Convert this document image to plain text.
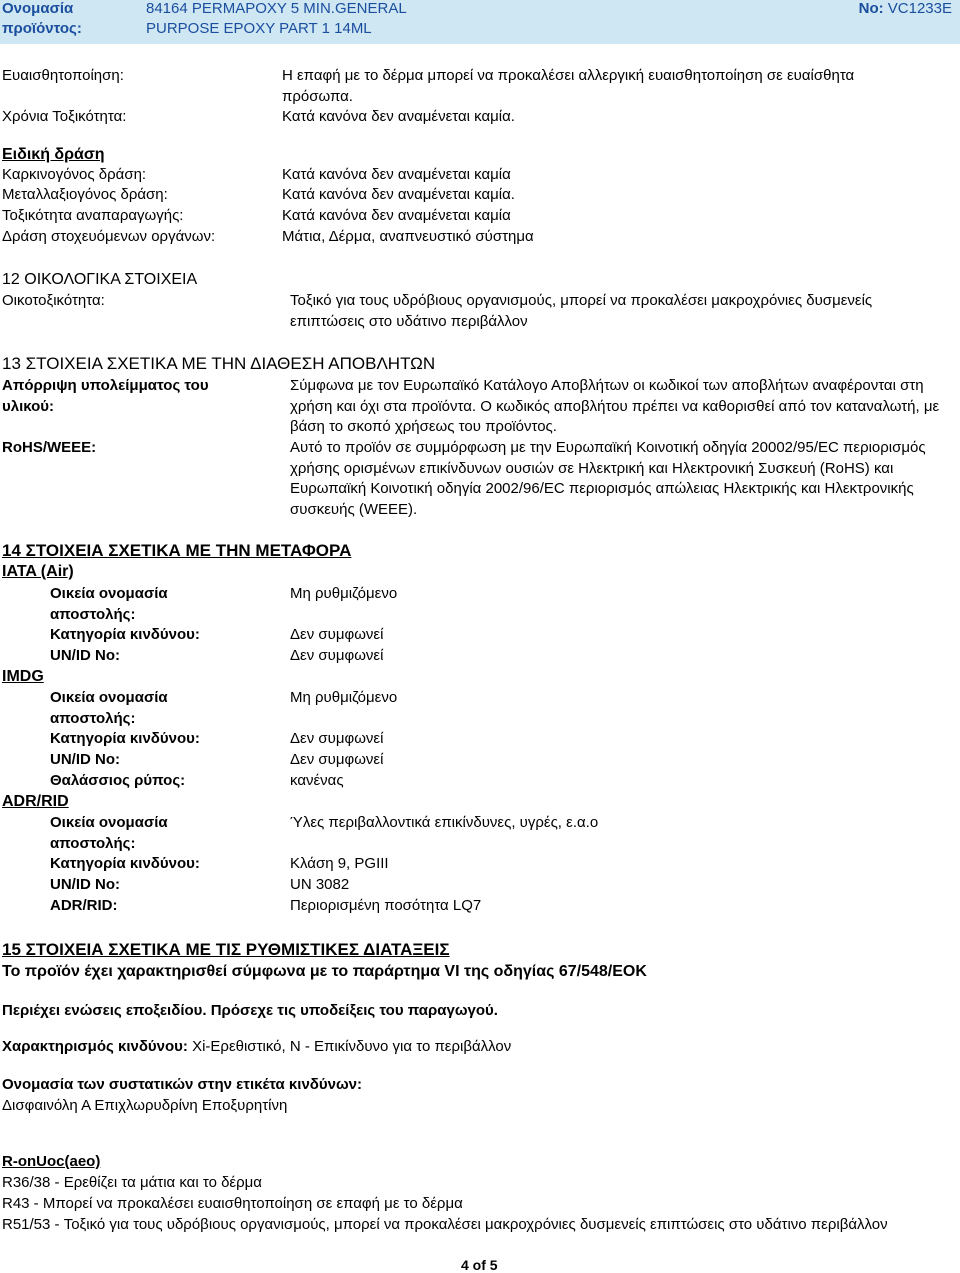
Ονομασία
προϊόντος:
84164 PERMAPOXY 5 MIN.GENERAL
PURPOSE EPOXY PART 1 14ML
No: VC1233E
Ευαισθητοποίηση:	Η επαφή με το δέρμα μπορεί να προκαλέσει αλλεργική ευαισθητοποίηση σε ευαίσθητα πρόσωπα.
Χρόνια Τοξικότητα:	Κατά κανόνα δεν αναμένεται καμία.
Ειδική δράση
Καρκινογόνος δράση:	Κατά κανόνα δεν αναμένεται καμία
Μεταλλαξιογόνος δράση:	Κατά κανόνα δεν αναμένεται καμία.
Τοξικότητα αναπαραγωγής:	Κατά κανόνα δεν αναμένεται καμία
Δράση στοχευόμενων οργάνων:	Μάτια, Δέρμα, αναπνευστικό σύστημα
12 ΟΙΚΟΛΟΓΙΚΑ ΣΤΟΙΧΕΙΑ
Οικοτοξικότητα:	Τοξικό για τους υδρόβιους οργανισμούς, μπορεί να προκαλέσει μακροχρόνιες δυσμενείς επιπτώσεις στο υδάτινο περιβάλλον
13 ΣΤΟΙΧΕΙΑ ΣΧΕΤΙΚΑ ΜΕ ΤΗΝ ΔΙΑΘΕΣΗ ΑΠΟΒΛΗΤΩΝ
Απόρριψη υπολείμματος του υλικού:
Σύμφωνα με τον Ευρωπαϊκό Κατάλογο Αποβλήτων οι κωδικοί των αποβλήτων αναφέρονται στη χρήση και όχι στα προϊόντα. Ο κωδικός αποβλήτου πρέπει να καθορισθεί από τον καταναλωτή, με βάση το σκοπό χρήσεως του προϊόντος.
RoHS/WEEE:	Αυτό το προϊόν σε συμμόρφωση με την Ευρωπαϊκή Κοινοτική οδηγία 20002/95/EC περιορισμός χρήσης ορισμένων επικίνδυνων ουσιών σε Ηλεκτρική και Ηλεκτρονική Συσκευή (RoHS) και Ευρωπαϊκή Κοινοτική οδηγία 2002/96/EC περιορισμός απώλειας Ηλεκτρικής και Ηλεκτρονικής συσκευής (WEEE).
14 ΣΤΟΙΧΕΙΑ ΣΧΕΤΙΚΑ ΜΕ ΤΗΝ ΜΕΤΑΦΟΡΑ
IATA (Air)
Οικεία ονομασία αποστολής:
Μη ρυθμιζόμενο
Κατηγορία κινδύνου:	Δεν συμφωνεί
UN/ID No:	Δεν συμφωνεί
IMDG
Οικεία ονομασία αποστολής:
Μη ρυθμιζόμενο
Κατηγορία κινδύνου:	Δεν συμφωνεί
UN/ID No:	Δεν συμφωνεί
Θαλάσσιος ρύπος:	κανένας
ADR/RID
Οικεία ονομασία αποστολής:
Ύλες περιβαλλοντικά επικίνδυνες, υγρές, ε.α.ο
Κατηγορία κινδύνου:	Κλάση 9, PGIII
UN/ID No:	UN 3082
ADR/RID:	Περιορισμένη ποσότητα LQ7
15 ΣΤΟΙΧΕΙΑ ΣΧΕΤΙΚΑ ΜΕ ΤΙΣ ΡΥΘΜΙΣΤΙΚΕΣ ΔΙΑΤΑΞΕΙΣ
Το προϊόν έχει χαρακτηρισθεί σύμφωνα με το παράρτημα VI της οδηγίας 67/548/ΕΟΚ
Περιέχει ενώσεις εποξειδίου. Πρόσεχε τις υποδείξεις του παραγωγού.
Χαρακτηρισμός κινδύνου: Xi-Ερεθιστικό, N - Επικίνδυνο για το περιβάλλον
Ονομασία των συστατικών στην ετικέτα κινδύνων:
Δισφαινόλη Α Επιχλωρυδρίνη Εποξυρητίνη
R-onUoc(aeo)
R36/38 - Ερεθίζει τα μάτια και το δέρμα
R43 - Μπορεί να προκαλέσει ευαισθητοποίηση σε επαφή με το δέρμα
R51/53 - Τοξικό για τους υδρόβιους οργανισμούς, μπορεί να προκαλέσει μακροχρόνιες δυσμενείς επιπτώσεις στο υδάτινο περιβάλλον
4 of 5
